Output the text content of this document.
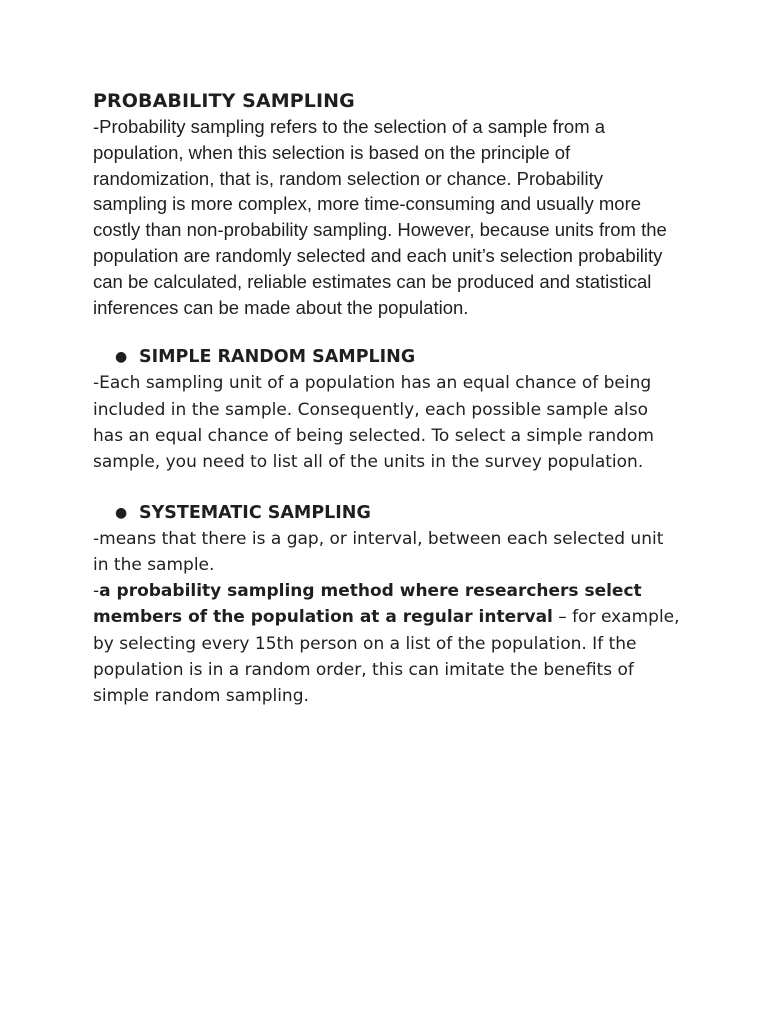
PROBABILITY SAMPLING

-Probability sampling refers to the selection of a sample from a population, when this selection is based on the principle of randomization, that is, random selection or chance. Probability sampling is more complex, more time-consuming and usually more costly than non-probability sampling. However, because units from the population are randomly selected and each unit’s selection probability can be calculated, reliable estimates can be produced and statistical inferences can be made about the population.

● SIMPLE RANDOM SAMPLING

-Each sampling unit of a population has an equal chance of being included in the sample. Consequently, each possible sample also has an equal chance of being selected. To select a simple random sample, you need to list all of the units in the survey population.

● SYSTEMATIC SAMPLING

-means that there is a gap, or interval, between each selected unit in the sample.

-a probability sampling method where researchers select members of the population at a regular interval – for example, by selecting every 15th person on a list of the population. If the population is in a random order, this can imitate the benefits of simple random sampling.
